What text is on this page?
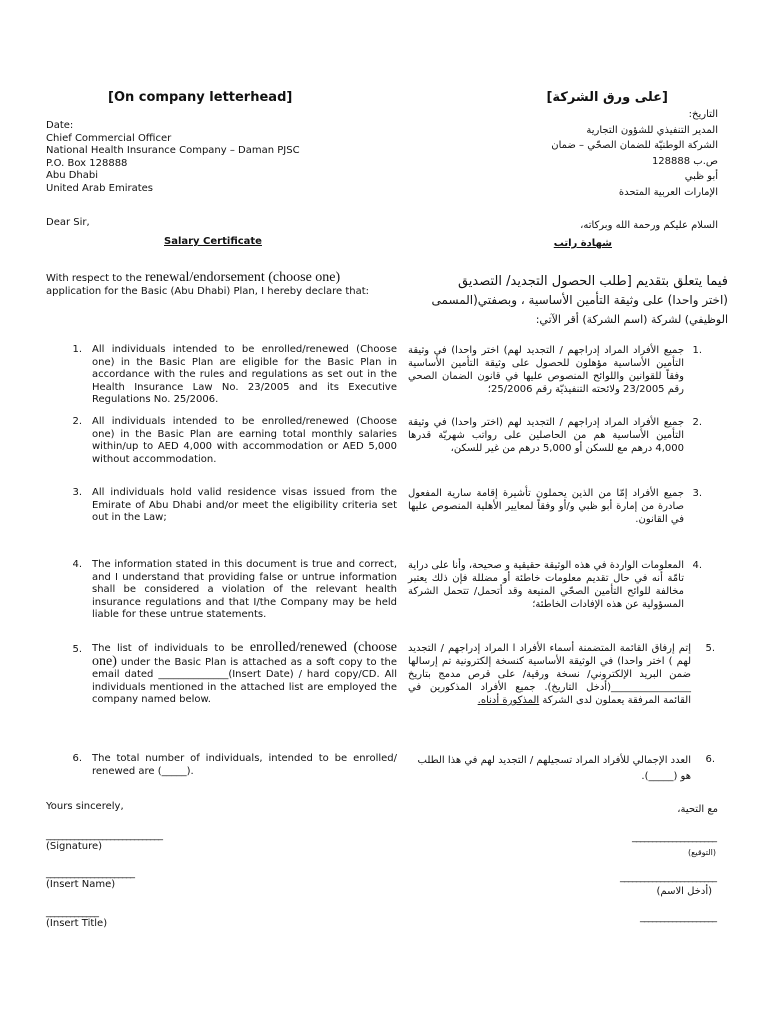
[On company letterhead]	[على ورق الشركة]
Date:
Chief Commercial Officer
National Health Insurance Company – Daman PJSC
P.O. Box 128888
Abu Dhabi
United Arab Emirates
التاريخ:
المدير التنفيذي للشؤون التجارية
الشركة الوطنيّة للضمان الصحّي – ضمان
ص.ب 128888
أبو ظبي
الإمارات العربية المتحدة
Dear Sir,	السلام عليكم ورحمة الله وبركاته،
Salary Certificate	شهادة راتب
With respect to the renewal/endorsement (choose one)
application for the Basic (Abu Dhabi) Plan, I hereby declare that:
فيما يتعلق بتقديم [طلب الحصول التجديد/ التصديق
(اختر واحدا) على وثيقة التأمين الأساسية ، وبصفتي(المسمى
الوظيفي) لشركة (اسم الشركة) أقر الآتي:
1. All individuals intended to be enrolled/renewed (Choose one) in the Basic Plan are eligible for the Basic Plan in accordance with the rules and regulations as set out in the Health Insurance Law No. 23/2005 and its Executive Regulations No. 25/2006.
2. All individuals intended to be enrolled/renewed (Choose one) in the Basic Plan are earning total monthly salaries within/up to AED 4,000 with accommodation or AED 5,000 without accommodation.
3. All individuals hold valid residence visas issued from the Emirate of Abu Dhabi and/or meet the eligibility criteria set out in the Law;
4. The information stated in this document is true and correct, and I understand that providing false or untrue information shall be considered a violation of the relevant health insurance regulations and that I/the Company may be held liable for these untrue statements.
5. The list of individuals to be enrolled/renewed (choose one) under the Basic Plan is attached as a soft copy to the email dated ______________(Insert Date) / hard copy/CD. All individuals mentioned in the attached list are employed the company named below.
6. The total number of individuals, intended to be enrolled/ renewed are (_____).
.1
جميع الأفراد المراد إدراجهم / التجديد لهم) اختر واحدا) في وثيقة التأمين الأساسية مؤهلون للحصول على وثيقة التأمين الأساسية وفقاً للقوانين واللوائح المنصوص عليها في قانون الضمان الصحي رقم 23/2005 ولائحته التنفيذيّة رقم 25/2006؛
.2
جميع الأفراد المراد إدراجهم / التجديد لهم (اختر واحدا) في وثيقة التأمين الأساسية هم من الحاصلين على رواتب شهريّة قدرها 4,000 درهم مع للسكن أو 5,000 درهم من غير للسكن،
.3
جميع الأفراد إمّا من الذين يحملون تأشيرة إقامة سارية المفعول صادرة من إمارة أبو ظبي و/أو وفقاً لمعايير الأهلية المنصوص عليها في القانون.
.4
المعلومات الواردة في هذه الوثيقة حقيقية و صحيحة، وأنا على دراية تامّة أنه في حال تقديم معلومات خاطئة أو مضللة فإن ذلك يعتبر مخالفة للوائح التأمين الصحّي المنيعة وقد أتحمل/ تتحمل الشركة المسؤولية عن هذه الإفادات الخاطئة؛
.5
إتم إرفاق القائمة المتضمنة أسماء الأفراد ا المراد إدراجهم / التجديد لهم ) اختر واحدا) في الوثيقة الأساسية كنسخة إلكترونية تم إرسالها ضمن البريد الإلكتروني/ نسخة ورقية/ على قرص مدمج بتاريخ ________________(أدخل التاريخ). جميع الأفراد المذكورين في القائمة المرفقة يعملون لدى الشركة المذكورة أدناه.
.6
العدد الإجمالي للأفراد المراد تسجيلهم / التجديد لهم في هذا الطلب هو (_____).
Yours sincerely,	مع التحية،
_____________________________
(Signature)
______________________
(Insert Name)
_____________
(Insert Title)
_____________________
(التوقيع)
________________________
(أدخل الاسم)
___________________
